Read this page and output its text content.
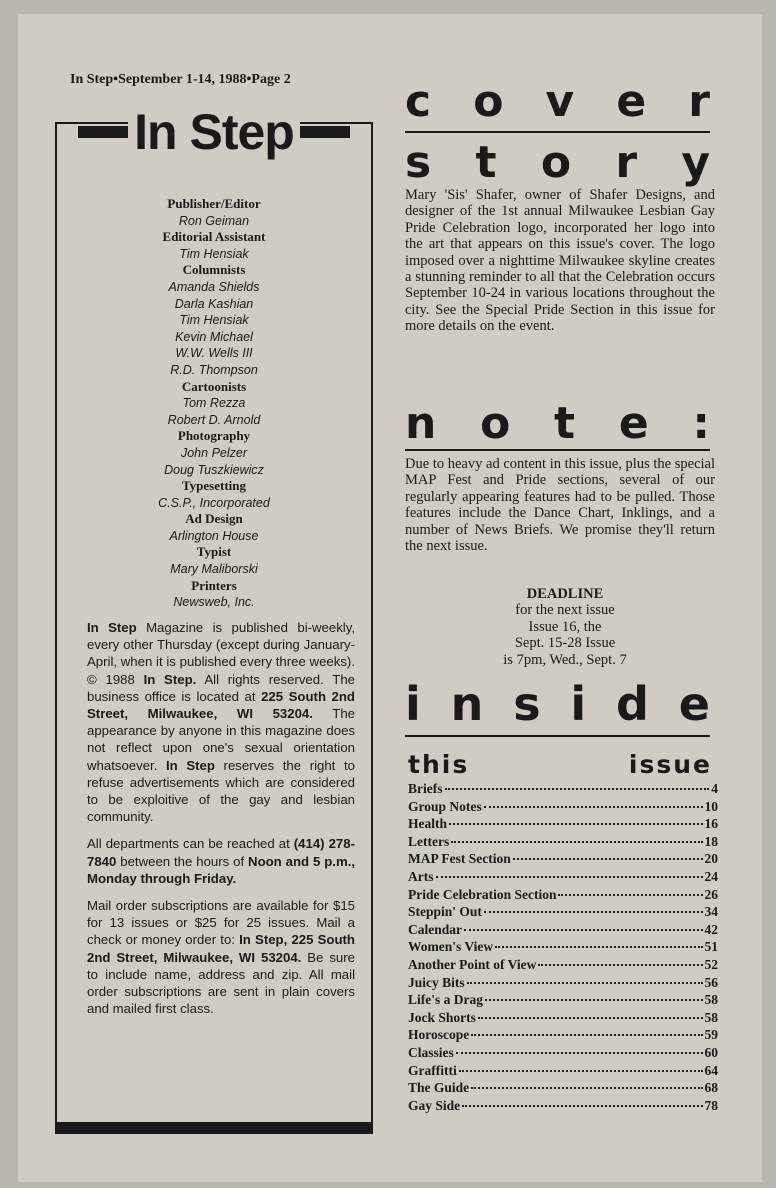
In Step•September 1-14, 1988•Page 2
In Step
Publisher/Editor
Ron Geiman
Editorial Assistant
Tim Hensiak
Columnists
Amanda Shields
Darla Kashian
Tim Hensiak
Kevin Michael
W.W. Wells III
R.D. Thompson
Cartoonists
Tom Rezza
Robert D. Arnold
Photography
John Pelzer
Doug Tuszkiewicz
Typesetting
C.S.P., Incorporated
Ad Design
Arlington House
Typist
Mary Maliborski
Printers
Newsweb, Inc.

In Step Magazine is published bi-weekly, every other Thursday (except during January-April, when it is published every three weeks). © 1988 In Step. All rights reserved. The business office is located at 225 South 2nd Street, Milwaukee, WI 53204. The appearance by anyone in this magazine does not reflect upon one's sexual orientation whatsoever. In Step reserves the right to refuse advertisements which are considered to be exploitive of the gay and lesbian community.

All departments can be reached at (414) 278-7840 between the hours of Noon and 5 p.m., Monday through Friday.

Mail order subscriptions are available for $15 for 13 issues or $25 for 25 issues. Mail a check or money order to: In Step, 225 South 2nd Street, Milwaukee, WI 53204. Be sure to include name, address and zip. All mail order subscriptions are sent in plain covers and mailed first class.

c o v e r
s t o r y
Mary 'Sis' Shafer, owner of Shafer Designs, and designer of the 1st annual Milwaukee Lesbian Gay Pride Celebration logo, incorporated her logo into the art that appears on this issue's cover. The logo imposed over a nighttime Milwaukee skyline creates a stunning reminder to all that the Celebration occurs September 10-24 in various locations throughout the city. See the Special Pride Section in this issue for more details on the event.
n o t e :
Due to heavy ad content in this issue, plus the special MAP Fest and Pride sections, several of our regularly appearing features had to be pulled. Those features include the Dance Chart, Inklings, and a number of News Briefs. We promise they'll return the next issue.
DEADLINE
for the next issue
Issue 16, the
Sept. 15-28 Issue
is 7pm, Wed., Sept. 7
i n s i d e
this	issue
Briefs	4
Group Notes	10
Health	16
Letters	18
MAP Fest Section	20
Arts	24
Pride Celebration Section	26
Steppin' Out	34
Calendar	42
Women's View	51
Another Point of View	52
Juicy Bits	56
Life's a Drag	58
Jock Shorts	58
Horoscope	59
Classies	60
Graffitti	64
The Guide	68
Gay Side	78
